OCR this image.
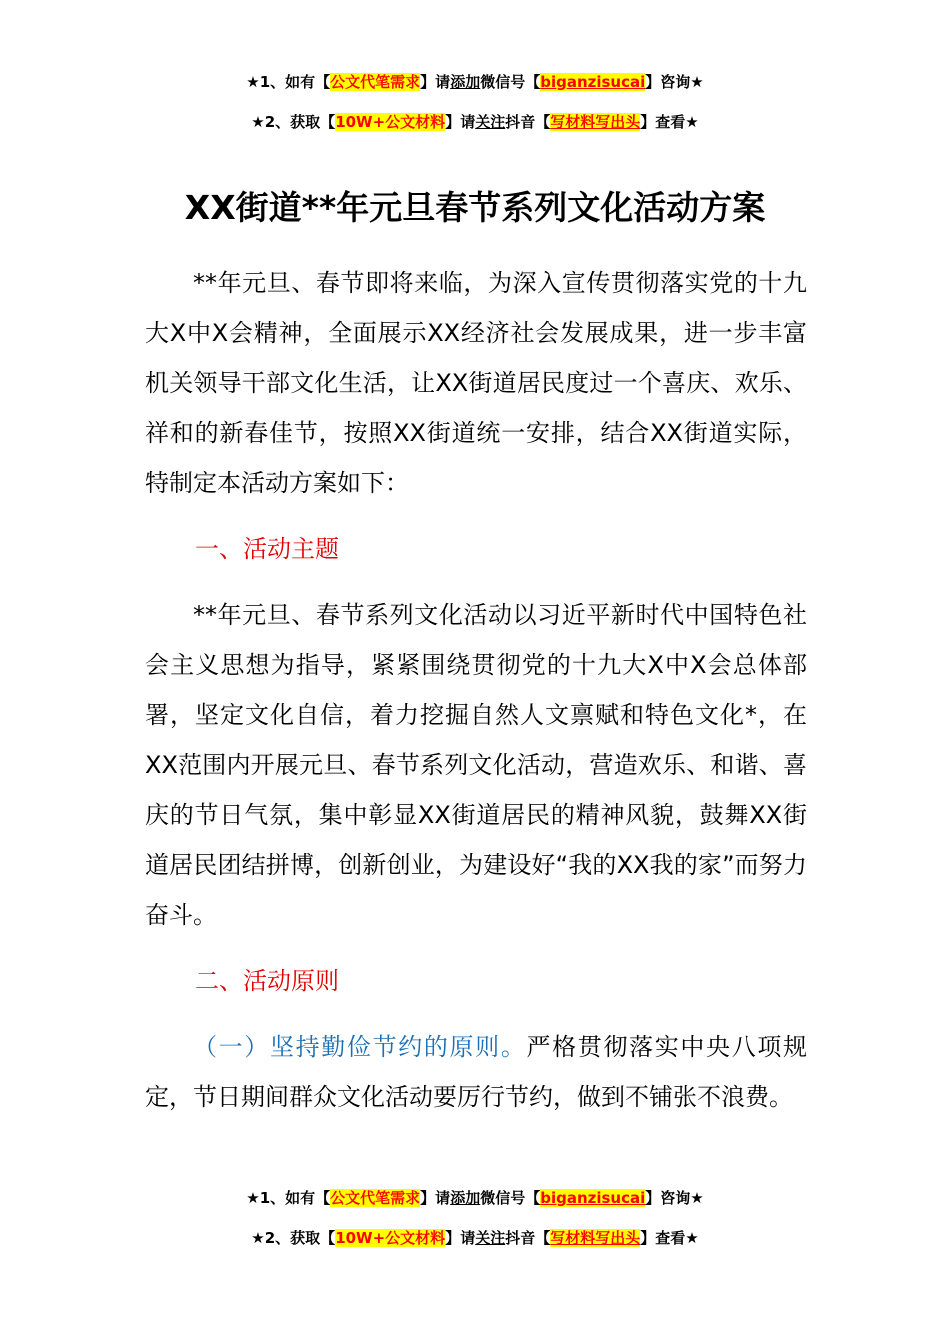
★1、如有【公文代笔需求】请添加微信号【biganzisucai】咨询★
★2、获取【10W+公文材料】请关注抖音【写材料写出头】查看★
XX街道**年元旦春节系列文化活动方案

**年元旦、春节即将来临，为深入宣传贯彻落实党的十九大X中X会精神，全面展示XX经济社会发展成果，进一步丰富机关领导干部文化生活，让XX街道居民度过一个喜庆、欢乐、祥和的新春佳节，按照XX街道统一安排，结合XX街道实际，特制定本活动方案如下：

一、活动主题

**年元旦、春节系列文化活动以习近平新时代中国特色社会主义思想为指导，紧紧围绕贯彻党的十九大X中X会总体部署，坚定文化自信，着力挖掘自然人文禀赋和特色文化*，在XX范围内开展元旦、春节系列文化活动，营造欢乐、和谐、喜庆的节日气氛，集中彰显XX街道居民的精神风貌，鼓舞XX街道居民团结拼博，创新创业，为建设好“我的XX我的家”而努力奋斗。

二、活动原则

（一）坚持勤俭节约的原则。严格贯彻落实中央八项规定，节日期间群众文化活动要厉行节约，做到不铺张不浪费。

★1、如有【公文代笔需求】请添加微信号【biganzisucai】咨询★
★2、获取【10W+公文材料】请关注抖音【写材料写出头】查看★
